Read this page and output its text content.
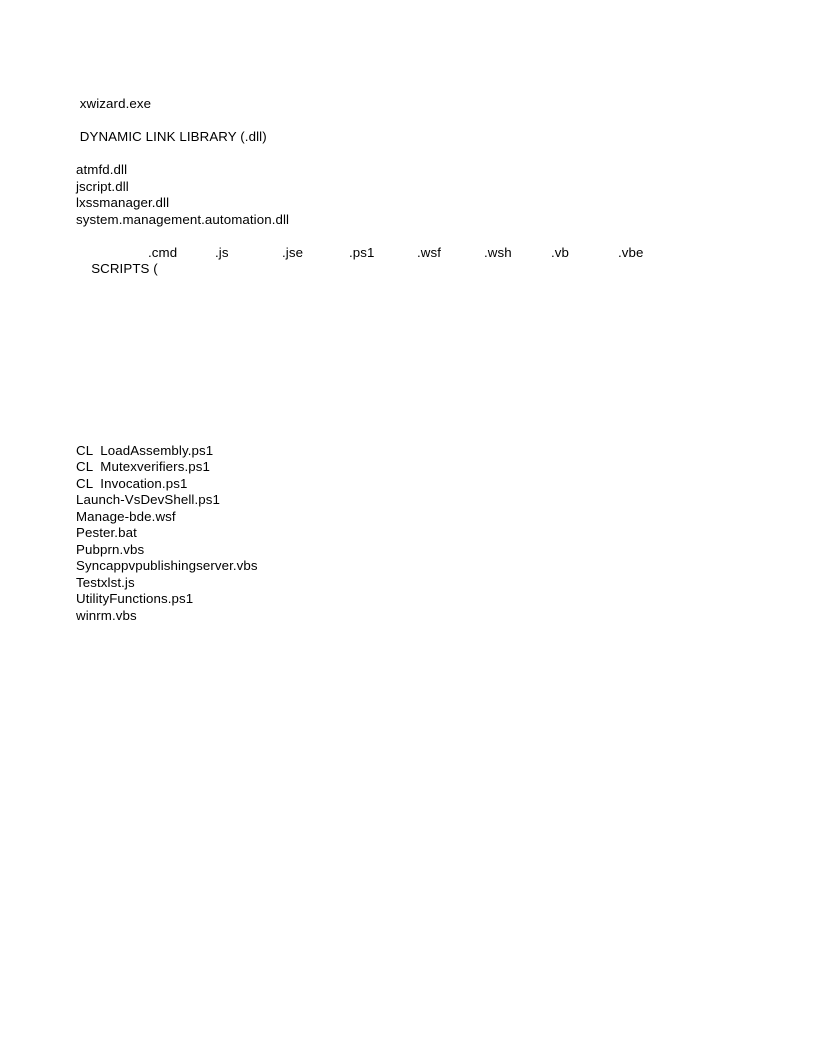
xwizard.exe

DYNAMIC LINK LIBRARY (.dll)

atmfd.dll

jscript.dll

lxssmanager.dll

system.management.automation.dll

SCRIPTS (

.cmd

	.js

	.jse

	.ps1

	.wsf

	.wsh

	.vb

	.vbe

CL  LoadAssembly.ps1

CL  Mutexverifiers.ps1

CL  Invocation.ps1

Launch-VsDevShell.ps1

Manage-bde.wsf

Pester.bat

Pubprn.vbs

Syncappvpublishingserver.vbs

Testxlst.js

UtilityFunctions.ps1

winrm.vbs
